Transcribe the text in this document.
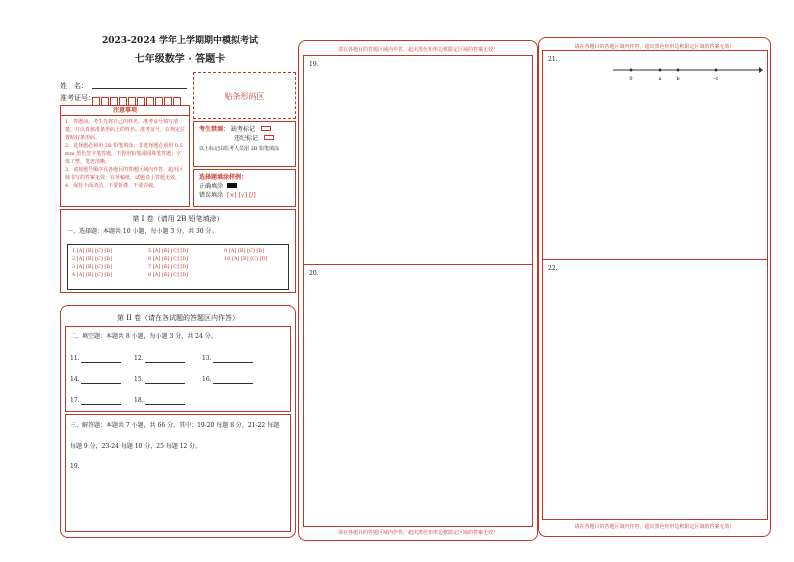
2023-2024 学年上学期期中模拟考试
七年级数学 · 答题卡
姓　名：
准考证号：	贴条形码区
注意事项
1．答题前，考生先将自己的姓名，准考证号填写清楚，并认真核准条形码上的姓名、准考证号，在规定位置贴好条形码。
2．选择题必须用 2B 铅笔填涂；非选择题必须用 0.5 mm 黑色签字笔答题，不得用铅笔或圆珠笔答题；字体工整、笔迹清晰。
3．请按题号顺序在各题目的答题区域内作答，超出区域书写的答案无效；在草稿纸、试题卷上答题无效。
4．保持卡面清洁，不要折叠、不要弄破。
考生禁填： 缺考标记
违纪标记
以上标记由监考人员用 2B 铅笔填涂
选择题填涂样例：
正确填涂
错误填涂 [×] [√] [/]
第 I 卷（请用 2B 铅笔填涂）
一、选择题：本题共 10 小题，每小题 3 分，共 30 分。
1 [A] [B] [C] [D]	5 [A] [B] [C] [D]	9 [A] [B] [C] [D]
2 [A] [B] [C] [D]	6 [A] [B] [C] [D]	10 [A] [B] [C] [D]
3 [A] [B] [C] [D]	7 [A] [B] [C] [D]
4 [A] [B] [C] [D]	8 [A] [B] [C] [D]
第 II 卷（请在各试题的答题区内作答）
二、填空题：本题共 8 小题，每小题 3 分，共 24 分。
11.	12.	13.
14.	15.	16.
17.	18.
三、解答题：本题共 7 小题，共 66 分。其中：19-20 每题 8 分，21-22 每题
每题 9 分，23-24 每题 10 分，25 每题 12 分。
19.
请在各题目的答题区域内作答，超出黑色矩形边框限定区域的答案无效！
19.
20.
请在各题目的答题区域内作答，超出黑色矩形边框限定区域的答案无效！
请在各题目的答题区域内作答，超出黑色矩形边框限定区域的答案无效！
21.
0	a	b	-c
22.
请在各题目的答题区域内作答，超出黑色矩形边框限定区域的答案无效！
